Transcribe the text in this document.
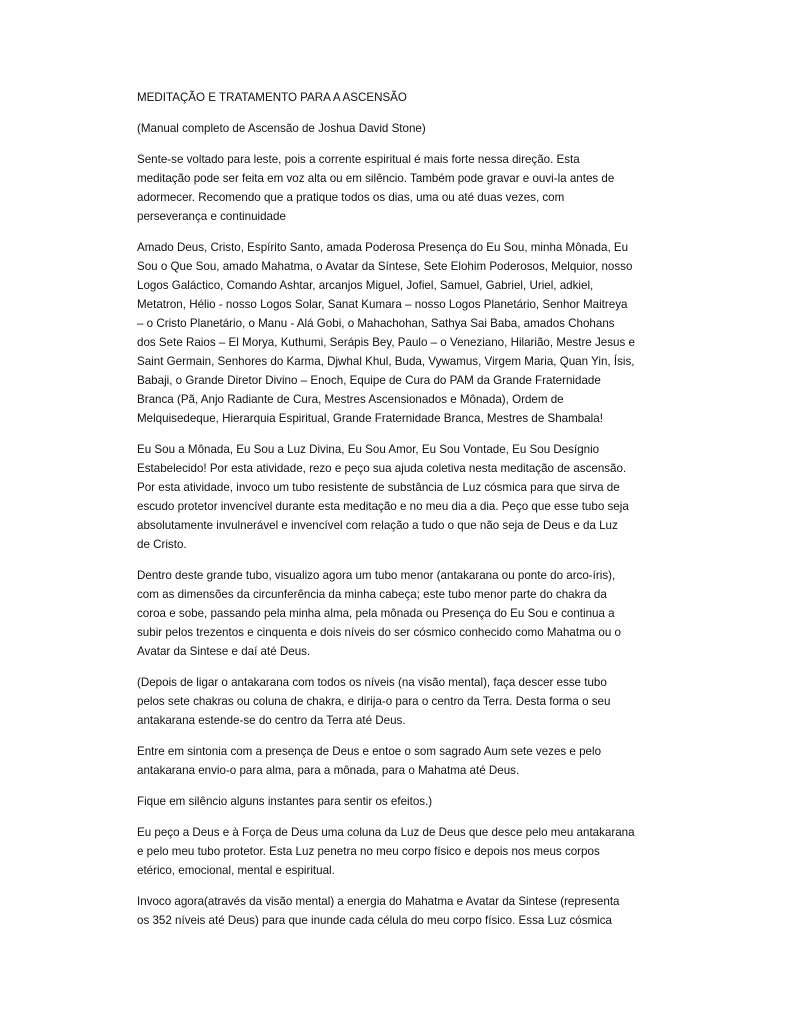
MEDITAÇÃO E TRATAMENTO PARA A ASCENSÃO

(Manual completo de Ascensão de Joshua David Stone)

Sente-se voltado para leste, pois a corrente espiritual é mais forte nessa direção. Esta
meditação pode ser feita em voz alta ou em silêncio. Também pode gravar e ouvi-la antes de
adormecer. Recomendo que a pratique todos os dias, uma ou até duas vezes, com
perseverança e continuidade

Amado Deus, Cristo, Espírito Santo, amada Poderosa Presença do Eu Sou, minha Mônada, Eu
Sou o Que Sou, amado Mahatma, o Avatar da Síntese, Sete Elohim Poderosos, Melquior, nosso
Logos Galáctico, Comando Ashtar, arcanjos Miguel, Jofiel, Samuel, Gabriel, Uriel, adkiel,
Metatron, Hélio - nosso Logos Solar, Sanat Kumara – nosso Logos Planetário, Senhor Maitreya
– o Cristo Planetário, o Manu - Alá Gobi, o Mahachohan, Sathya Sai Baba, amados Chohans
dos Sete Raios – El Morya, Kuthumi, Serápis Bey, Paulo – o Veneziano, Hilarião, Mestre Jesus e
Saint Germain, Senhores do Karma, Djwhal Khul, Buda, Vywamus, Virgem Maria, Quan Yin, Ísis,
Babaji, o Grande Diretor Divino – Enoch, Equipe de Cura do PAM da Grande Fraternidade
Branca (Pã, Anjo Radiante de Cura, Mestres Ascensionados e Mônada), Ordem de
Melquisedeque, Hierarquia Espiritual, Grande Fraternidade Branca, Mestres de Shambala!

Eu Sou a Mônada, Eu Sou a Luz Divina, Eu Sou Amor, Eu Sou Vontade, Eu Sou Desígnio
Estabelecido! Por esta atividade, rezo e peço sua ajuda coletiva nesta meditação de ascensão.
Por esta atividade, invoco um tubo resistente de substância de Luz cósmica para que sirva de
escudo protetor invencível durante esta meditação e no meu dia a dia. Peço que esse tubo seja
absolutamente invulnerável e invencível com relação a tudo o que não seja de Deus e da Luz
de Cristo.

Dentro deste grande tubo, visualizo agora um tubo menor (antakarana ou ponte do arco-íris),
com as dimensões da circunferência da minha cabeça; este tubo menor parte do chakra da
coroa e sobe, passando pela minha alma, pela mônada ou Presença do Eu Sou e continua a
subir pelos trezentos e cinquenta e dois níveis do ser cósmico conhecido como Mahatma ou o
Avatar da Sintese e daí até Deus.

(Depois de ligar o antakarana com todos os níveis (na visão mental), faça descer esse tubo
pelos sete chakras ou coluna de chakra, e dirija-o para o centro da Terra. Desta forma o seu
antakarana estende-se do centro da Terra até Deus.

Entre em sintonia com a presença de Deus e entoe o som sagrado Aum sete vezes e pelo
antakarana envio-o para alma, para a mônada, para o Mahatma até Deus.

Fique em silêncio alguns instantes para sentir os efeitos.)

Eu peço a Deus e à Força de Deus uma coluna da Luz de Deus que desce pelo meu antakarana
e pelo meu tubo protetor. Esta Luz penetra no meu corpo físico e depois nos meus corpos
etérico, emocional, mental e espiritual.

Invoco agora(através da visão mental) a energia do Mahatma e Avatar da Sintese (representa
os 352 níveis até Deus) para que inunde cada célula do meu corpo físico. Essa Luz cósmica
